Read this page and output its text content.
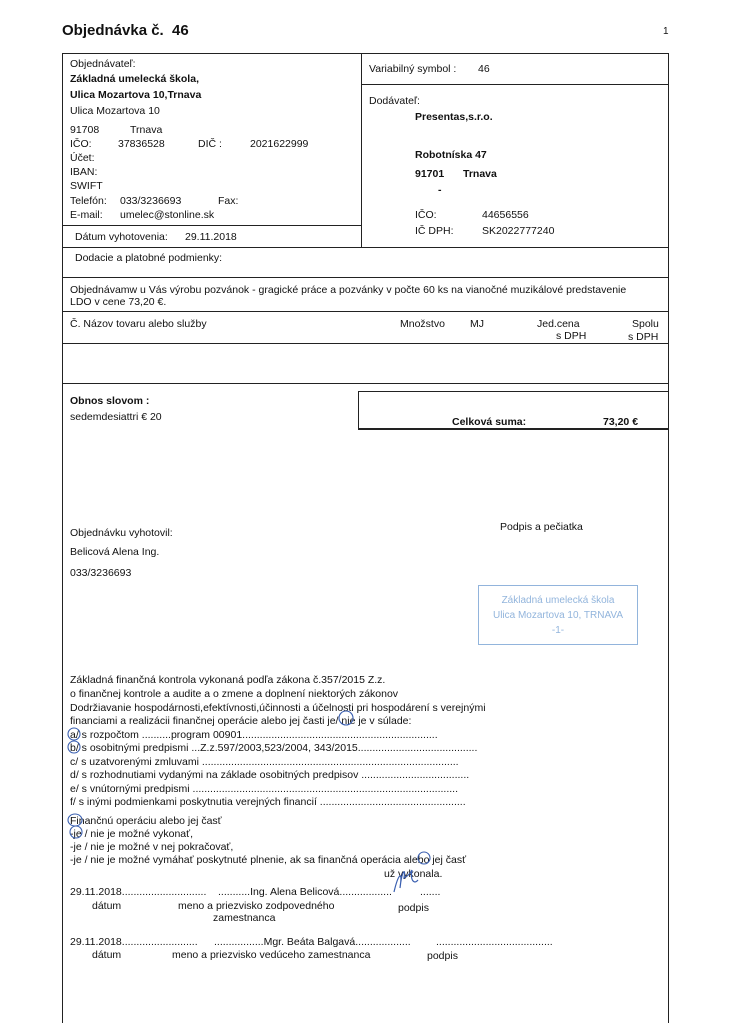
Objednávka č. 46	1
Objednávateľ:
Základná umelecká škola,
Ulica Mozartova 10,Trnava
Ulica Mozartova 10
91708	Trnava
IČO:	37836528	DIČ :	2021622999
Účet:
IBAN:
SWIFT
Telefón: 033/3236693	Fax:
E-mail: umelec@stonline.sk
Dátum vyhotovenia: 29.11.2018
Variabilný symbol : 46
Dodávateľ:
Presentas,s.r.o.
Robotníska 47
91701 Trnava
-
IČO:	44656556
IČ DPH:	SK2022777240
Dodacie a platobné podmienky:
Objednávamw u Vás výrobu pozvánok - gragické práce a pozvánky v počte 60 ks na vianočné muzikálové predstavenie
LDO v cene 73,20 €.
Č. Názov tovaru alebo služby	Množstvo MJ	Jed.cena
s DPH
Spolu
s DPH
Obnos slovom :
sedemdesiattri € 20	Celková suma:	73,20 €
Objednávku vyhotovil:
Belicová Alena Ing.
033/3236693
Podpis a pečiatka
Základná umelecká škola
Ulica Mozartova 10, TRNAVA
-1-
Základná finančná kontrola vykonaná podľa zákona č.357/2015 Z.z.
o finančnej kontrole a audite a o zmene a doplnení niektorých zákonov
Dodržiavanie hospodárnosti,efektívnosti,účinnosti a účelnosti pri hospodárení s verejnými
financiami a realizácii finančnej operácie alebo jej časti je/ nie je v súlade:
a/ s rozpočtom ..........program 00901...................................................................
b/ s osobitnými predpismi ...Z.z.597/2003,523/2004, 343/2015.........................................
c/ s uzatvorenými zmluvami ........................................................................................
d/ s rozhodnutiami vydanými na základe osobitných predpisov .....................................
e/ s vnútornými predpismi ...........................................................................................
f/ s inými podmienkami poskytnutia verejných financií ..................................................
Finančnú operáciu alebo jej časť
-je / nie je možné vykonať,
-je / nie je možné v nej pokračovať,
-je / nie je možné vymáhať poskytnuté plnenie, ak sa finančná operácia alebo jej časť
už vykonala.
29.11.2018............................. ...........Ing. Alena Belicová..................	.......
dátum	meno a priezvisko zodpovedného	podpis
zamestnanca
29.11.2018.......................... .................Mgr. Beáta Balgavá................... ........................................
dátum	meno a priezvisko vedúceho zamestnanca	podpis
